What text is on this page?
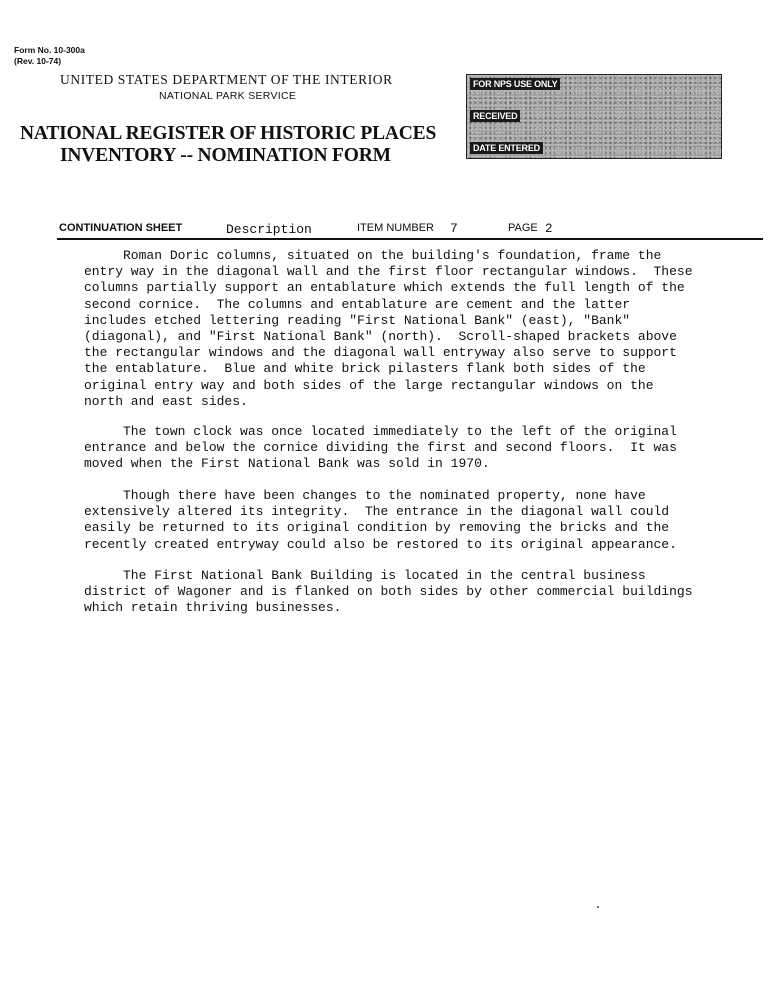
Form No. 10-300a
(Rev. 10-74)
UNITED STATES DEPARTMENT OF THE INTERIOR
NATIONAL PARK SERVICE
NATIONAL REGISTER OF HISTORIC PLACES
INVENTORY -- NOMINATION FORM
FOR NPS USE ONLY
RECEIVED
DATE ENTERED
CONTINUATION SHEET	Description	ITEM NUMBER 7	PAGE 2
Roman Doric columns, situated on the building's foundation, frame the
entry way in the diagonal wall and the first floor rectangular windows.  These
columns partially support an entablature which extends the full length of the
second cornice.  The columns and entablature are cement and the latter
includes etched lettering reading "First National Bank" (east), "Bank"
(diagonal), and "First National Bank" (north).  Scroll-shaped brackets above
the rectangular windows and the diagonal wall entryway also serve to support
the entablature.  Blue and white brick pilasters flank both sides of the
original entry way and both sides of the large rectangular windows on the
north and east sides.
The town clock was once located immediately to the left of the original
entrance and below the cornice dividing the first and second floors.  It was
moved when the First National Bank was sold in 1970.
Though there have been changes to the nominated property, none have
extensively altered its integrity.  The entrance in the diagonal wall could
easily be returned to its original condition by removing the bricks and the
recently created entryway could also be restored to its original appearance.
The First National Bank Building is located in the central business
district of Wagoner and is flanked on both sides by other commercial buildings
which retain thriving businesses.
